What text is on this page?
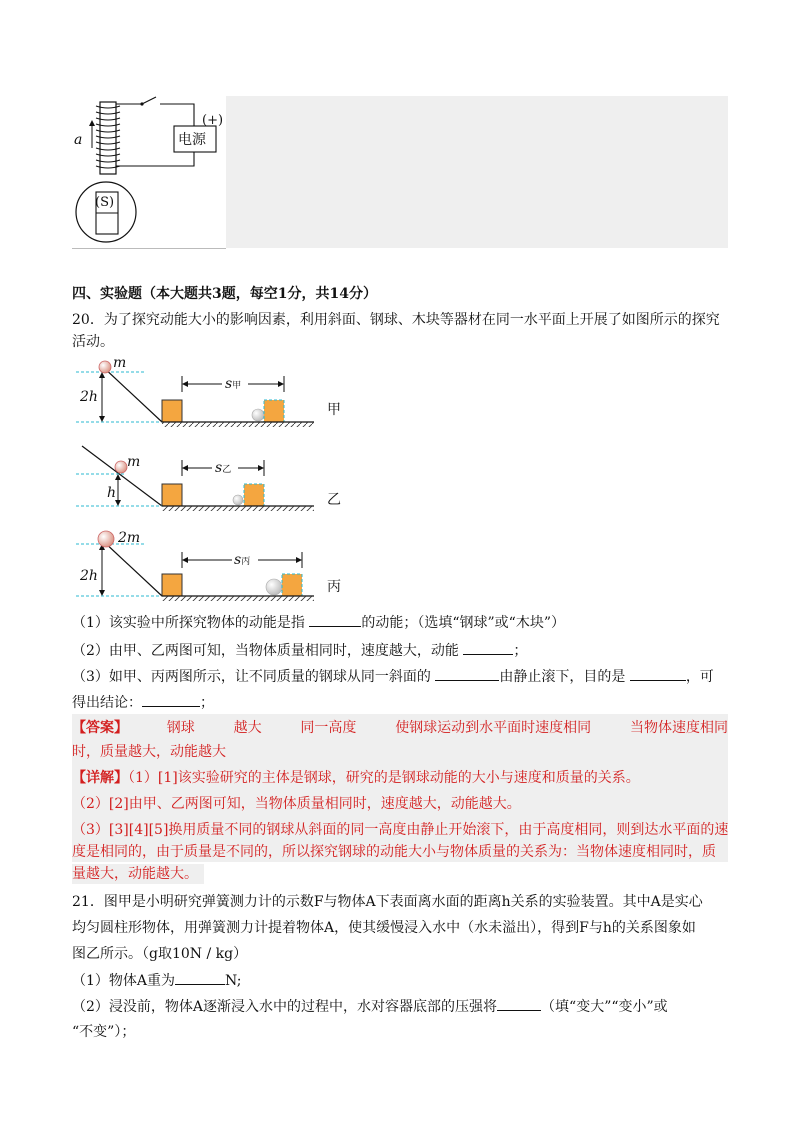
a
(+)
电源
(S)
四、实验题（本大题共3题，每空1分，共14分）
20．为了探究动能大小的影响因素，利用斜面、钢球、木块等器材在同一水平面上开展了如图所示的探究
活动。
m
2h
s甲
甲
m
h
s乙
乙
2m
2h
s丙
丙
（1）该实验中所探究物体的动能是指	的动能；（选填“钢球”或“木块”）
（2）由甲、乙两图可知，当物体质量相同时，速度越大，动能	；
（3）如甲、丙两图所示，让不同质量的钢球从同一斜面的	由静止滚下，目的是	，可
得出结论：	；
【答案】	钢球	越大	同一高度	使钢球运动到水平面时速度相同	当物体速度相同
时，质量越大，动能越大
【详解】（1）[1]该实验研究的主体是钢球，研究的是钢球动能的大小与速度和质量的关系。
（2）[2]由甲、乙两图可知，当物体质量相同时，速度越大，动能越大。
（3）[3][4][5]换用质量不同的钢球从斜面的同一高度由静止开始滚下，由于高度相同，则到达水平面的速
度是相同的，由于质量是不同的，所以探究钢球的动能大小与物体质量的关系为：当物体速度相同时，质
量越大，动能越大。
21．图甲是小明研究弹簧测力计的示数F与物体A下表面离水面的距离h关系的实验装置。其中A是实心
均匀圆柱形物体，用弹簧测力计提着物体A，使其缓慢浸入水中（水未溢出），得到F与h的关系图象如
图乙所示。（g取10N / kg）
（1）物体A重为	N;
（2）浸没前，物体A逐渐浸入水中的过程中，水对容器底部的压强将	（填“变大”“变小”或
“不变”）；
